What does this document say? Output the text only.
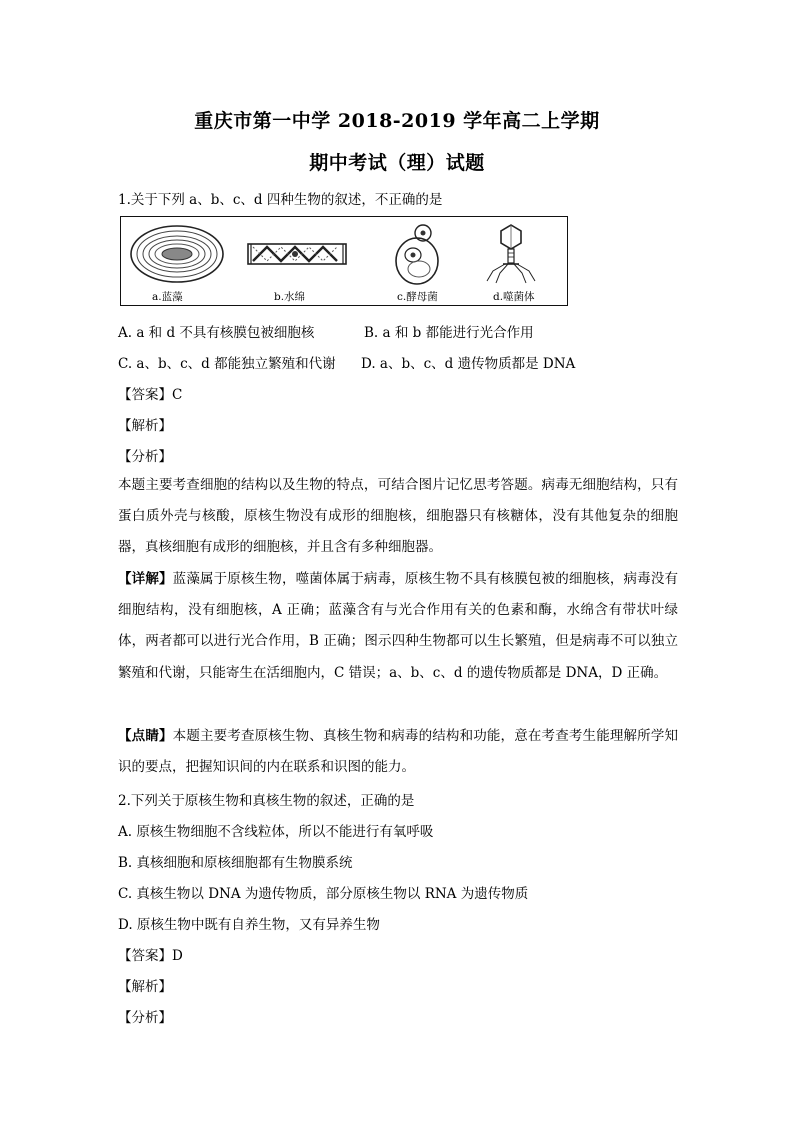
重庆市第一中学 2018-2019 学年高二上学期
期中考试（理）试题
1.关于下列 a、b、c、d 四种生物的叙述，不正确的是
a.蓝藻	b.水绵	c.酵母菌	d.噬菌体
A. a 和 d 不具有核膜包被细胞核	B. a 和 b 都能进行光合作用
C. a、b、c、d 都能独立繁殖和代谢 D. a、b、c、d 遗传物质都是 DNA
【答案】C
【解析】
【分析】
本题主要考查细胞的结构以及生物的特点，可结合图片记忆思考答题。病毒无细胞结构，只有蛋白质外壳与核酸，原核生物没有成形的细胞核，细胞器只有核糖体，没有其他复杂的细胞器，真核细胞有成形的细胞核，并且含有多种细胞器。
【详解】蓝藻属于原核生物，噬菌体属于病毒，原核生物不具有核膜包被的细胞核，病毒没有细胞结构，没有细胞核，A 正确；蓝藻含有与光合作用有关的色素和酶，水绵含有带状叶绿体，两者都可以进行光合作用，B 正确；图示四种生物都可以生长繁殖，但是病毒不可以独立繁殖和代谢，只能寄生在活细胞内，C 错误；a、b、c、d 的遗传物质都是 DNA，D 正确。
【点睛】本题主要考查原核生物、真核生物和病毒的结构和功能，意在考查考生能理解所学知识的要点，把握知识间的内在联系和识图的能力。
2.下列关于原核生物和真核生物的叙述，正确的是
A. 原核生物细胞不含线粒体，所以不能进行有氧呼吸
B. 真核细胞和原核细胞都有生物膜系统
C. 真核生物以 DNA 为遗传物质，部分原核生物以 RNA 为遗传物质
D. 原核生物中既有自养生物，又有异养生物
【答案】D
【解析】
【分析】
